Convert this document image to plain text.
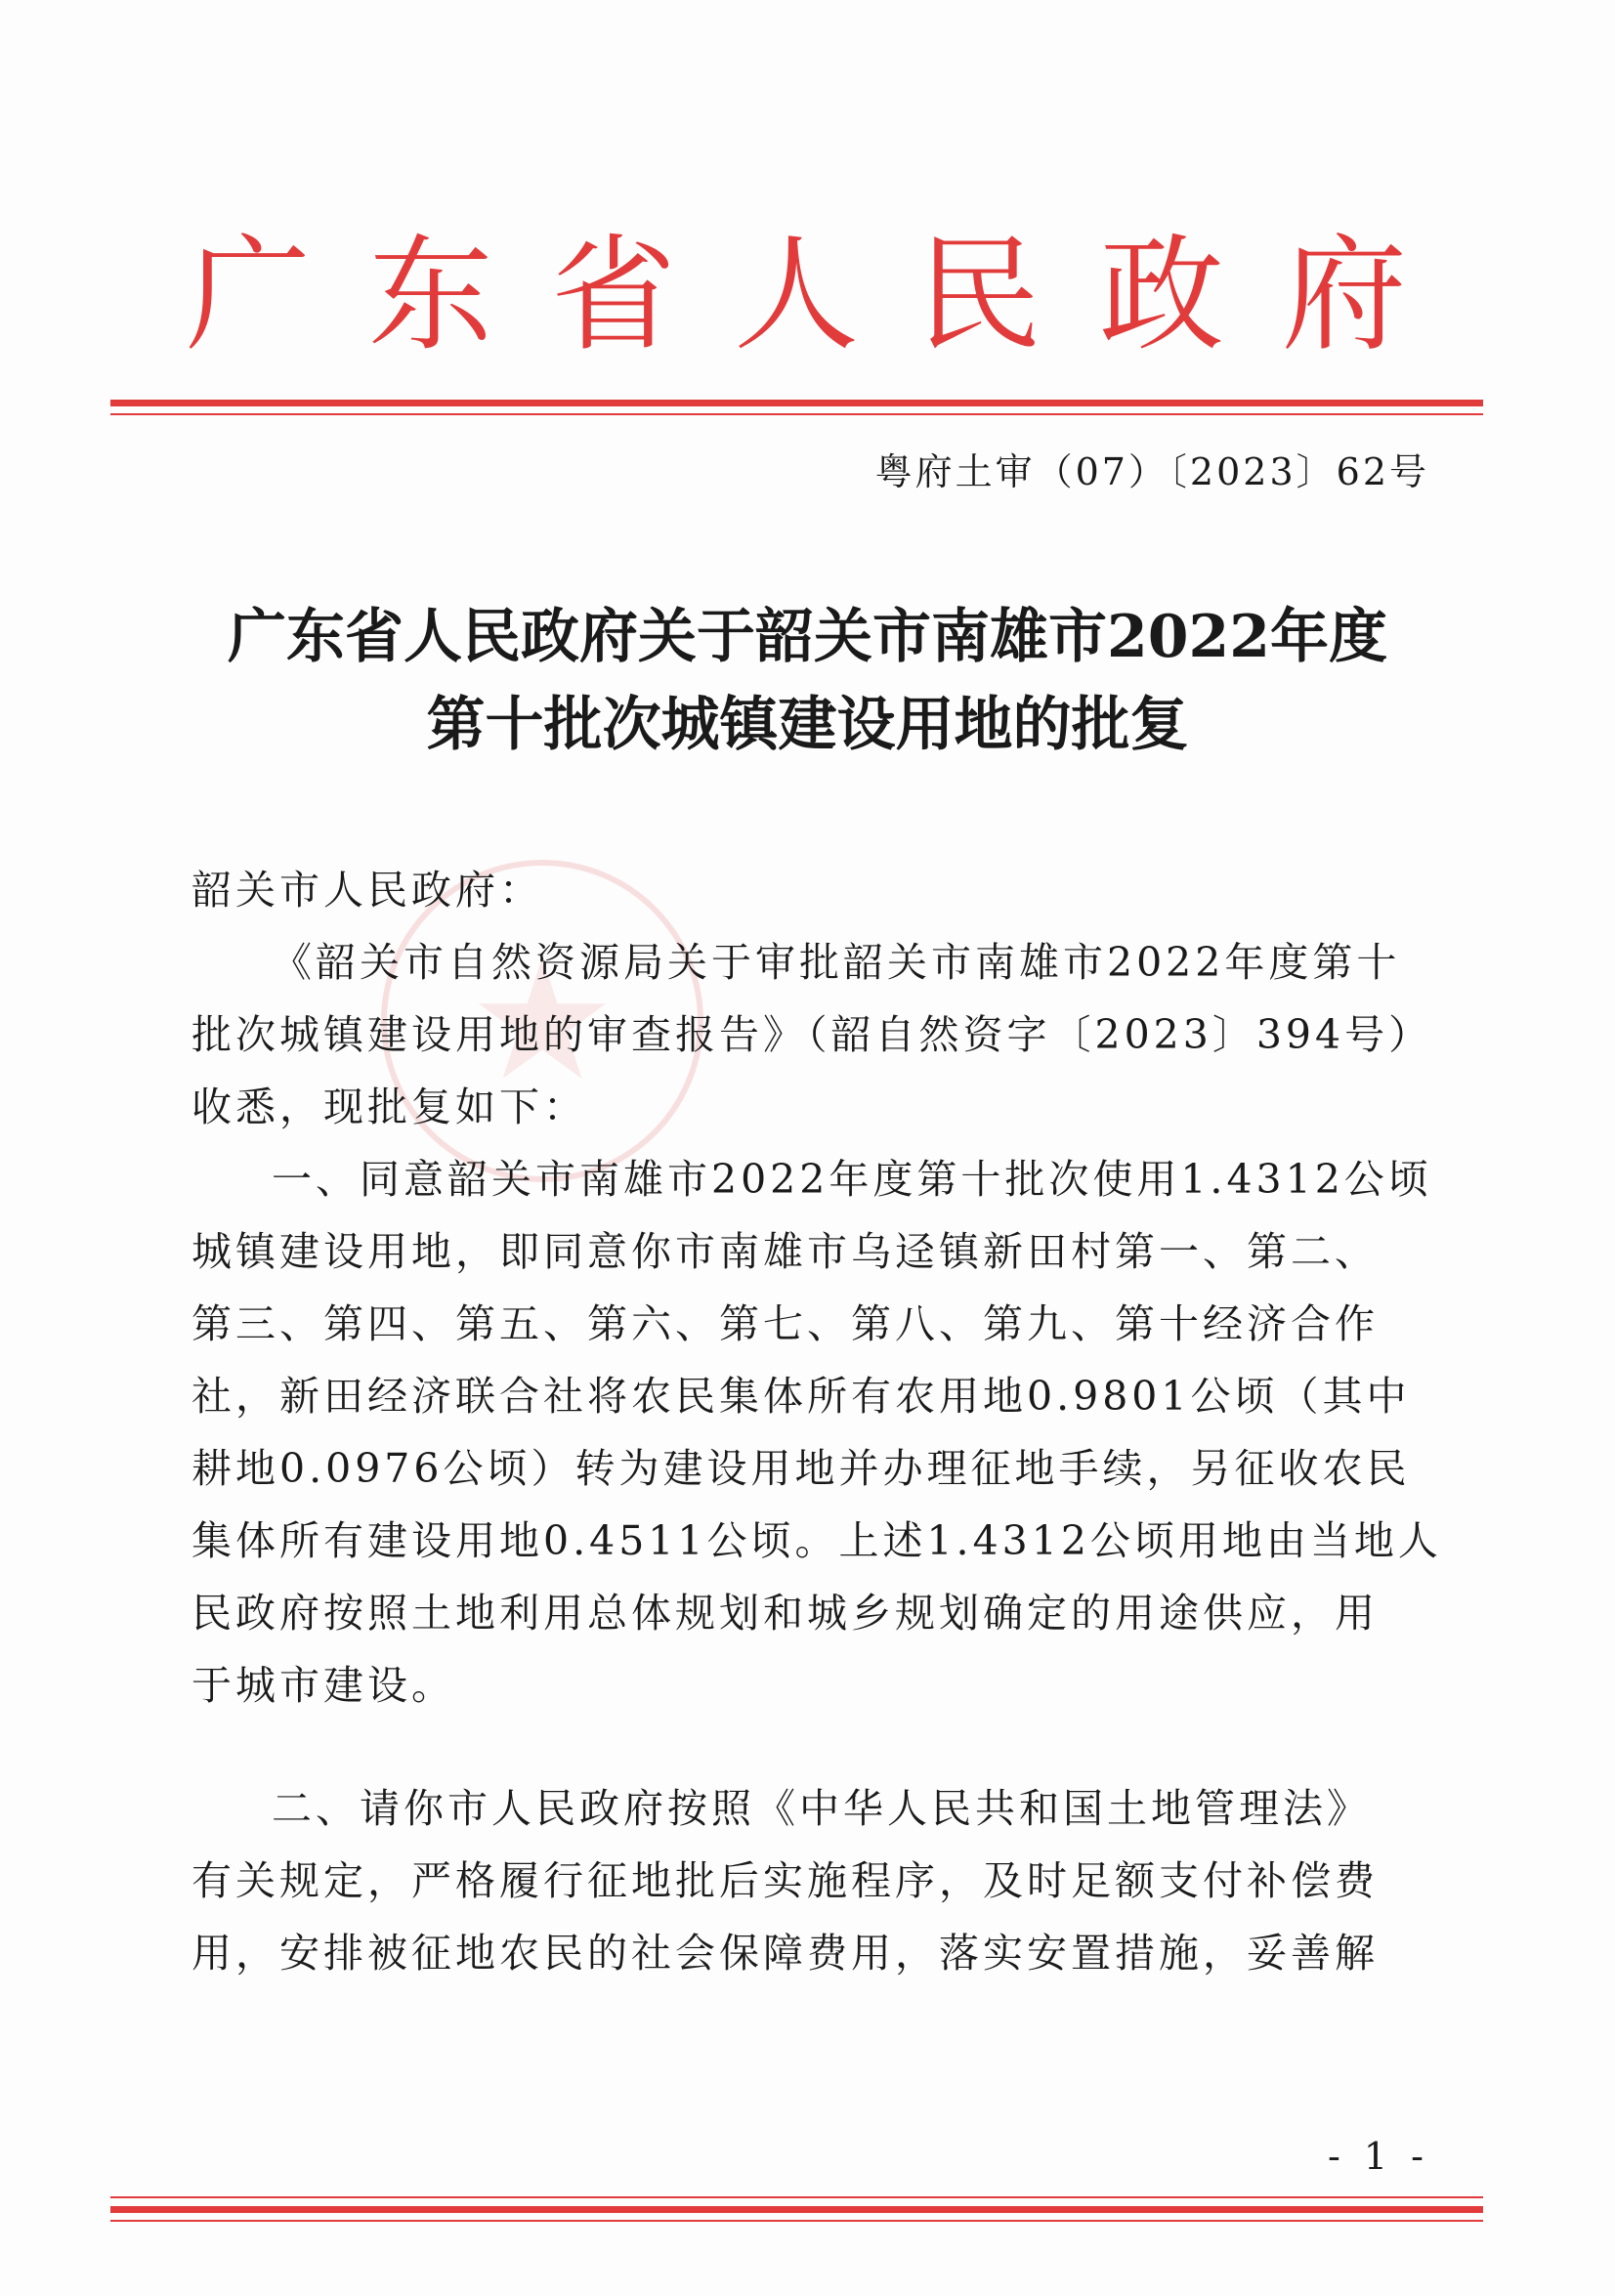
广 东 省 人 民 政 府
粤府土审（07）〔2023〕62号
广东省人民政府关于韶关市南雄市2022年度
第十批次城镇建设用地的批复
★
韶关市人民政府：
《韶关市自然资源局关于审批韶关市南雄市2022年度第十
批次城镇建设用地的审查报告》（韶自然资字〔2023〕394号）
收悉，现批复如下：
一、同意韶关市南雄市2022年度第十批次使用1.4312公顷
城镇建设用地，即同意你市南雄市乌迳镇新田村第一、第二、
第三、第四、第五、第六、第七、第八、第九、第十经济合作
社，新田经济联合社将农民集体所有农用地0.9801公顷（其中
耕地0.0976公顷）转为建设用地并办理征地手续，另征收农民
集体所有建设用地0.4511公顷。上述1.4312公顷用地由当地人
民政府按照土地利用总体规划和城乡规划确定的用途供应，用
于城市建设。
二、请你市人民政府按照《中华人民共和国土地管理法》
有关规定，严格履行征地批后实施程序，及时足额支付补偿费
用，安排被征地农民的社会保障费用，落实安置措施，妥善解
- 1 -
